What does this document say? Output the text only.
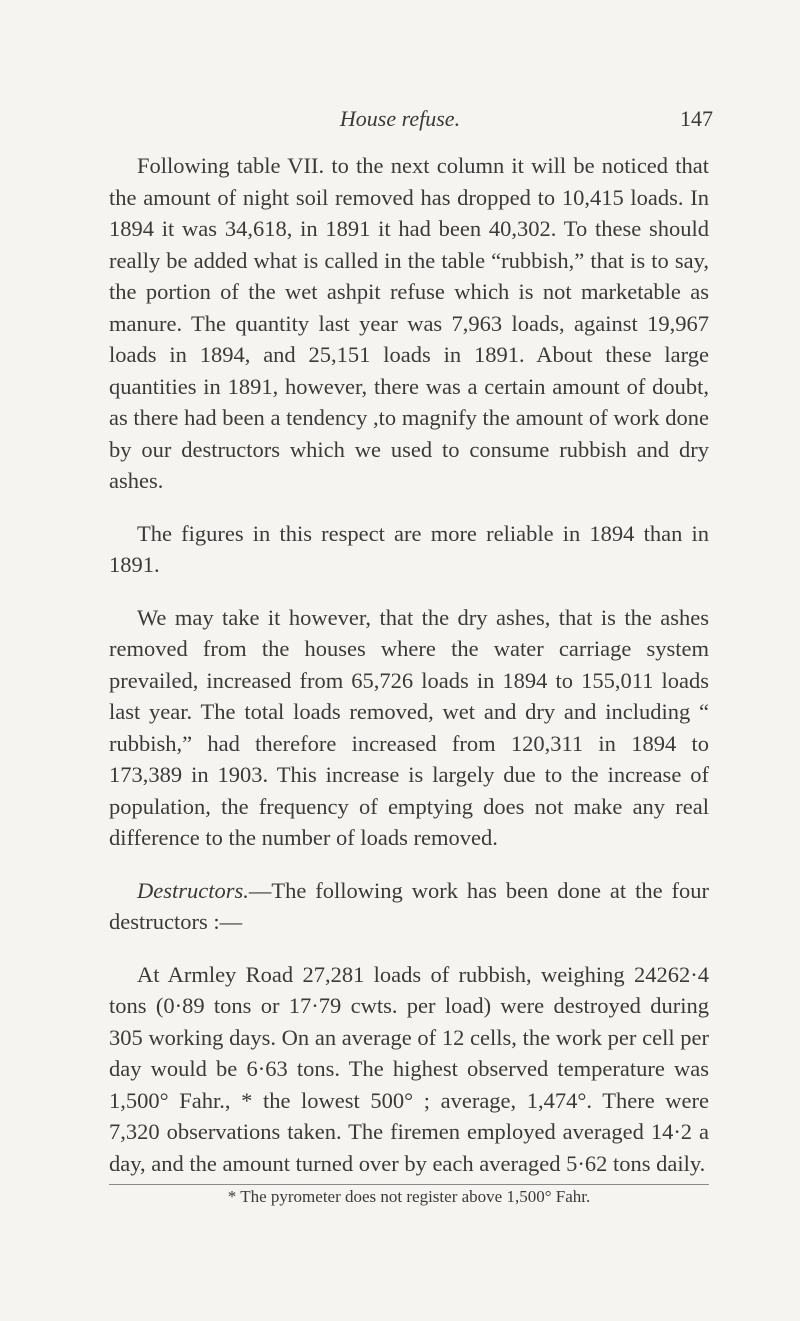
House refuse.	147

Following table VII. to the next column it will be noticed that the amount of night soil removed has dropped to 10,415 loads. In 1894 it was 34,618, in 1891 it had been 40,302. To these should really be added what is called in the table “rubbish,” that is to say, the portion of the wet ashpit refuse which is not marketable as manure. The quantity last year was 7,963 loads, against 19,967 loads in 1894, and 25,151 loads in 1891. About these large quantities in 1891, however, there was a certain amount of doubt, as there had been a tendency ,to magnify the amount of work done by our destructors which we used to consume rubbish and dry ashes.

The figures in this respect are more reliable in 1894 than in 1891.

We may take it however, that the dry ashes, that is the ashes removed from the houses where the water carriage system prevailed, increased from 65,726 loads in 1894 to 155,011 loads last year. The total loads removed, wet and dry and including “ rubbish,” had therefore increased from 120,311 in 1894 to 173,389 in 1903. This increase is largely due to the increase of population, the frequency of emptying does not make any real difference to the number of loads removed.

Destructors.—The following work has been done at the four destructors :—

At Armley Road 27,281 loads of rubbish, weighing 24262·4 tons (0·89 tons or 17·79 cwts. per load) were destroyed during 305 working days. On an average of 12 cells, the work per cell per day would be 6·63 tons. The highest observed temperature was 1,500° Fahr., * the lowest 500° ; average, 1,474°. There were 7,320 observations taken. The firemen employed averaged 14·2 a day, and the amount turned over by each averaged 5·62 tons daily.

* The pyrometer does not register above 1,500° Fahr.
